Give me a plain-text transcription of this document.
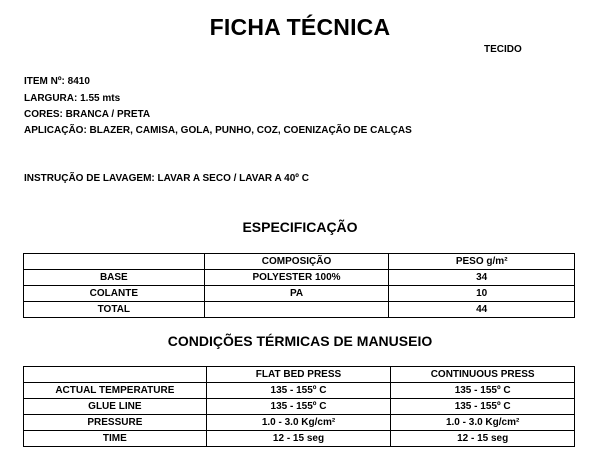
FICHA TÉCNICA
TECIDO
ITEM Nº: 8410
LARGURA: 1.55 mts
CORES: BRANCA / PRETA
APLICAÇÃO: BLAZER, CAMISA, GOLA, PUNHO, COZ, COENIZAÇÃO DE CALÇAS
INSTRUÇÃO DE LAVAGEM: LAVAR A SECO / LAVAR A 40º C
ESPECIFICAÇÃO
	COMPOSIÇÃO	PESO g/m²
BASE	POLYESTER 100%	34
COLANTE	PA	10
TOTAL		44
CONDIÇÕES TÉRMICAS DE MANUSEIO
	FLAT BED PRESS	CONTINUOUS PRESS
ACTUAL TEMPERATURE	135 - 155º C	135 - 155º C
GLUE LINE	135 - 155º C	135 - 155º C
PRESSURE	1.0 - 3.0 Kg/cm²	1.0 - 3.0 Kg/cm²
TIME	12 - 15 seg	12 - 15 seg
